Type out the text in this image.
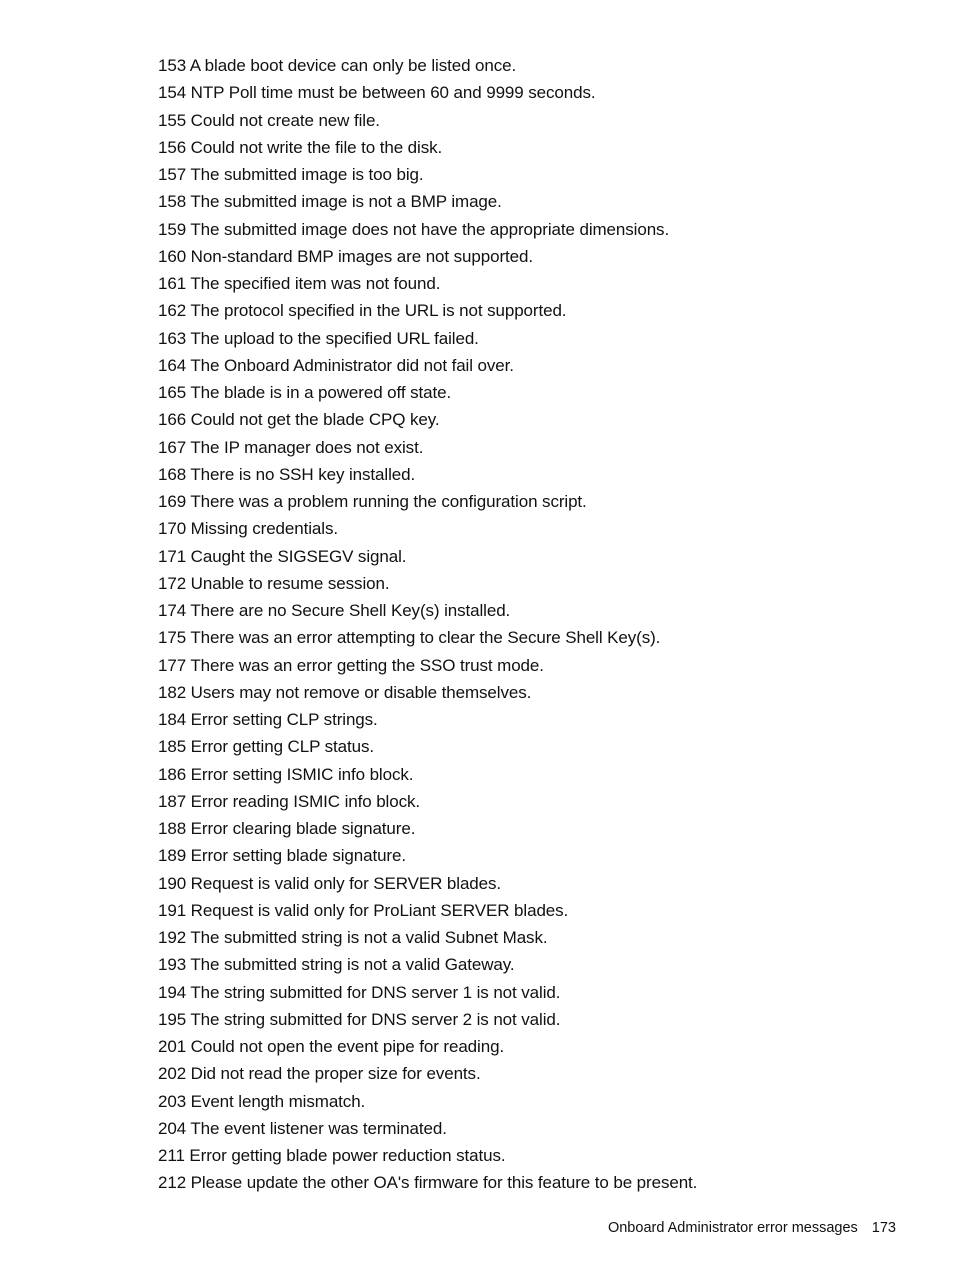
153 A blade boot device can only be listed once.
154 NTP Poll time must be between 60 and 9999 seconds.
155 Could not create new file.
156 Could not write the file to the disk.
157 The submitted image is too big.
158 The submitted image is not a BMP image.
159 The submitted image does not have the appropriate dimensions.
160 Non-standard BMP images are not supported.
161 The specified item was not found.
162 The protocol specified in the URL is not supported.
163 The upload to the specified URL failed.
164 The Onboard Administrator did not fail over.
165 The blade is in a powered off state.
166 Could not get the blade CPQ key.
167 The IP manager does not exist.
168 There is no SSH key installed.
169 There was a problem running the configuration script.
170 Missing credentials.
171 Caught the SIGSEGV signal.
172 Unable to resume session.
174 There are no Secure Shell Key(s) installed.
175 There was an error attempting to clear the Secure Shell Key(s).
177 There was an error getting the SSO trust mode.
182 Users may not remove or disable themselves.
184 Error setting CLP strings.
185 Error getting CLP status.
186 Error setting ISMIC info block.
187 Error reading ISMIC info block.
188 Error clearing blade signature.
189 Error setting blade signature.
190 Request is valid only for SERVER blades.
191 Request is valid only for ProLiant SERVER blades.
192 The submitted string is not a valid Subnet Mask.
193 The submitted string is not a valid Gateway.
194 The string submitted for DNS server 1 is not valid.
195 The string submitted for DNS server 2 is not valid.
201 Could not open the event pipe for reading.
202 Did not read the proper size for events.
203 Event length mismatch.
204 The event listener was terminated.
211 Error getting blade power reduction status.
212 Please update the other OA's firmware for this feature to be present.
Onboard Administrator error messages 173
